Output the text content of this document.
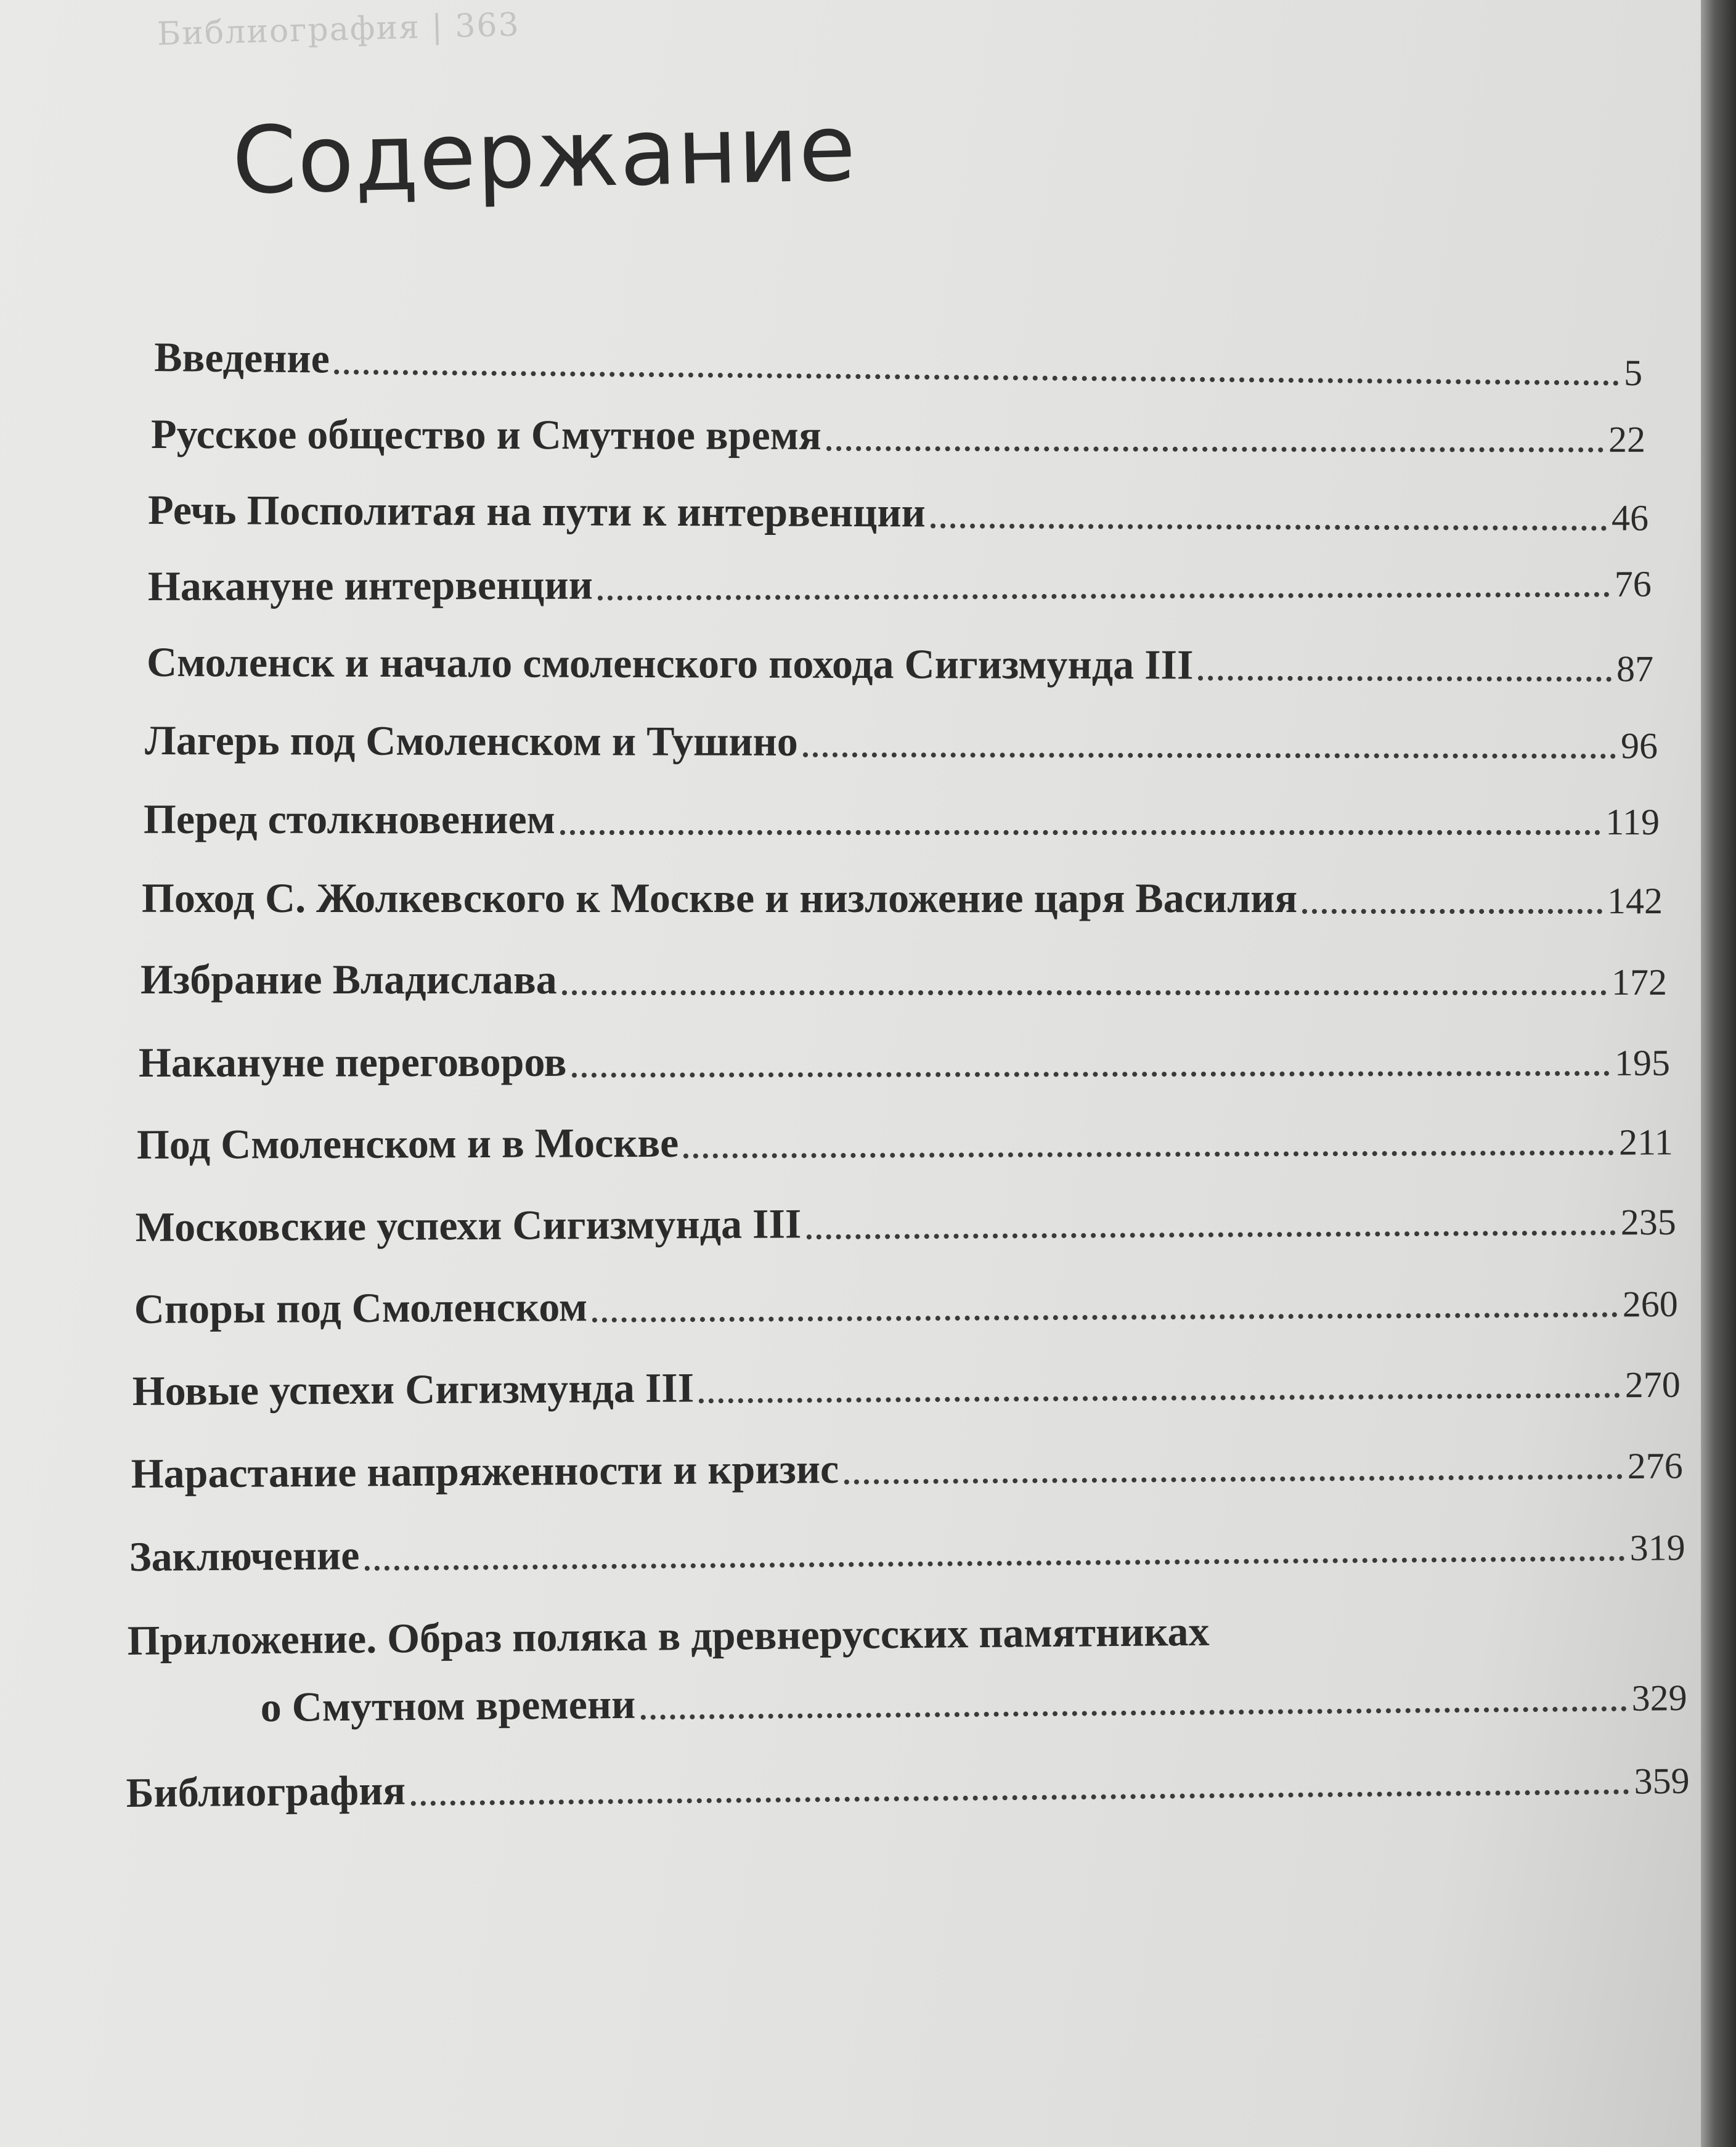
Библиография | 363
Содержание
Введение	5
Русское общество и Смутное время	22
Речь Посполитая на пути к интервенции	46
Накануне интервенции	76
Смоленск и начало смоленского похода Сигизмунда III	87
Лагерь под Смоленском и Тушино	96
Перед столкновением	119
Поход С. Жолкевского к Москве и низложение царя Василия	142
Избрание Владислава	172
Накануне переговоров	195
Под Смоленском и в Москве	211
Московские успехи Сигизмунда III	235
Споры под Смоленском	260
Новые успехи Сигизмунда III	270
Нарастание напряженности и кризис	276
Заключение	319
Приложение. Образ поляка в древнерусских памятниках
о Смутном времени	329
Библиография	359
